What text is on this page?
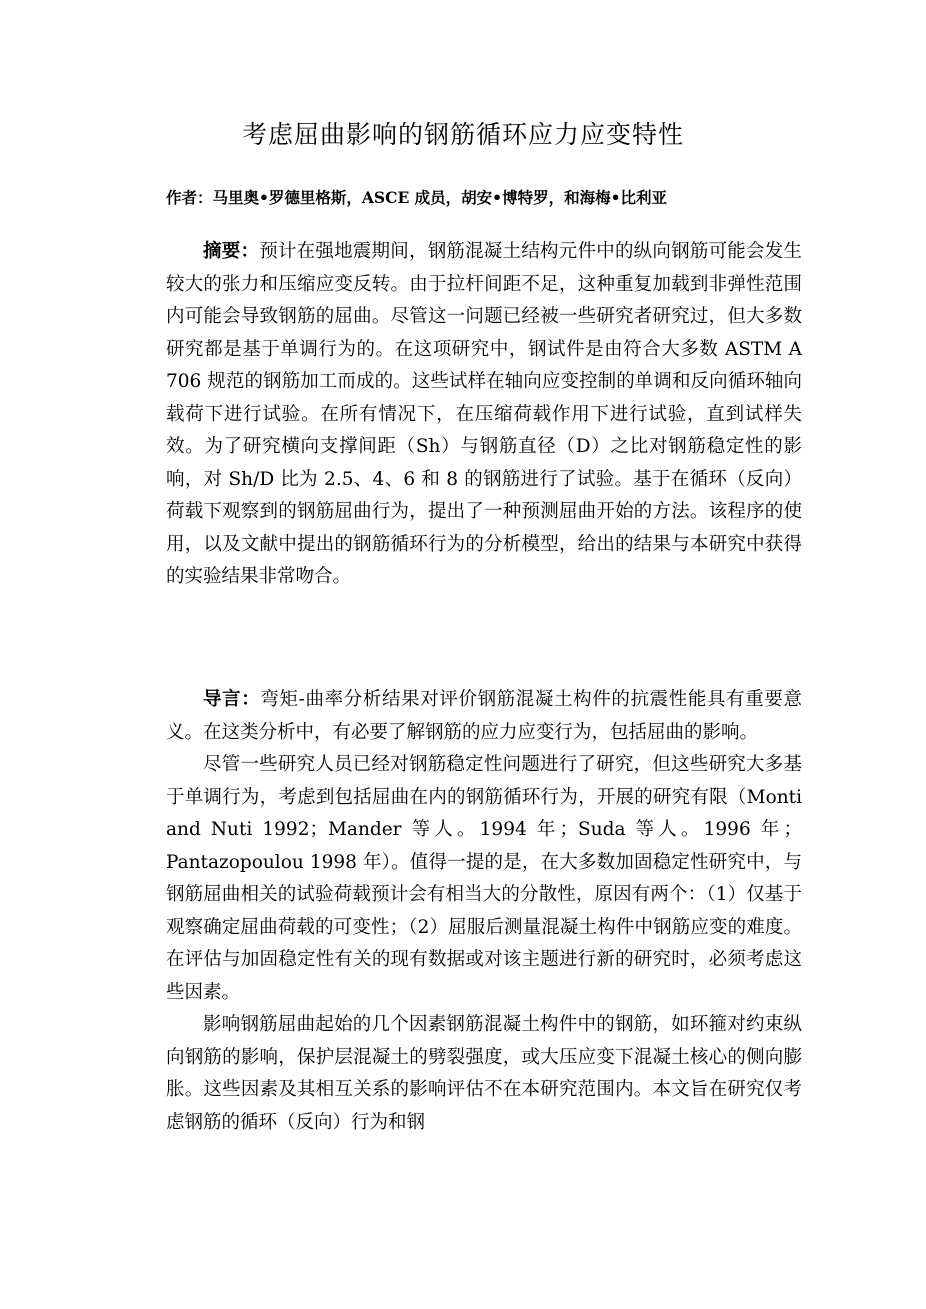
考虑屈曲影响的钢筋循环应力应变特性
作者：马里奥•罗德里格斯，ASCE 成员，胡安•博特罗，和海梅•比利亚

摘要：预计在强地震期间，钢筋混凝土结构元件中的纵向钢筋可能会发生较大的张力和压缩应变反转。由于拉杆间距不足，这种重复加载到非弹性范围内可能会导致钢筋的屈曲。尽管这一问题已经被一些研究者研究过，但大多数研究都是基于单调行为的。在这项研究中，钢试件是由符合大多数 ASTM A 706 规范的钢筋加工而成的。这些试样在轴向应变控制的单调和反向循环轴向载荷下进行试验。在所有情况下，在压缩荷载作用下进行试验，直到试样失效。为了研究横向支撑间距（Sh）与钢筋直径（D）之比对钢筋稳定性的影响，对 Sh/D 比为 2.5、4、6 和 8 的钢筋进行了试验。基于在循环（反向）荷载下观察到的钢筋屈曲行为，提出了一种预测屈曲开始的方法。该程序的使用，以及文献中提出的钢筋循环行为的分析模型，给出的结果与本研究中获得的实验结果非常吻合。

导言：弯矩-曲率分析结果对评价钢筋混凝土构件的抗震性能具有重要意义。在这类分析中，有必要了解钢筋的应力应变行为，包括屈曲的影响。

尽管一些研究人员已经对钢筋稳定性问题进行了研究，但这些研究大多基于单调行为，考虑到包括屈曲在内的钢筋循环行为，开展的研究有限（Monti and Nuti 1992；Mander 等人。1994 年；Suda 等人。1996 年；Pantazopoulou 1998 年）。值得一提的是，在大多数加固稳定性研究中，与钢筋屈曲相关的试验荷载预计会有相当大的分散性，原因有两个：（1）仅基于观察确定屈曲荷载的可变性；（2）屈服后测量混凝土构件中钢筋应变的难度。在评估与加固稳定性有关的现有数据或对该主题进行新的研究时，必须考虑这些因素。

影响钢筋屈曲起始的几个因素钢筋混凝土构件中的钢筋，如环箍对约束纵向钢筋的影响，保护层混凝土的劈裂强度，或大压应变下混凝土核心的侧向膨胀。这些因素及其相互关系的影响评估不在本研究范围内。本文旨在研究仅考虑钢筋的循环（反向）行为和钢
